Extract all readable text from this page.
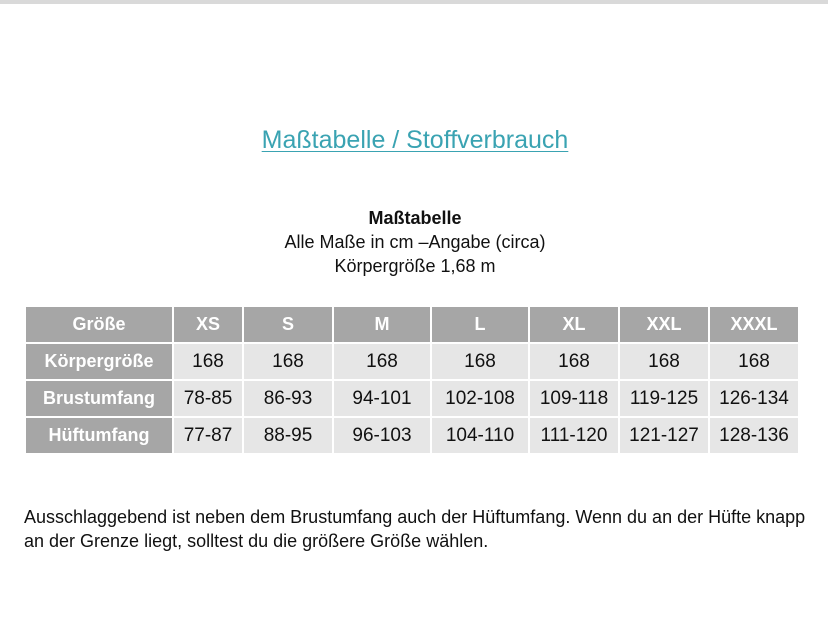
Maßtabelle / Stoffverbrauch
Maßtabelle
Alle Maße in cm –Angabe (circa)
Körpergröße 1,68 m
Größe	XS	S	M	L	XL	XXL	XXXL
Körpergröße	168	168	168	168	168	168	168
Brustumfang	78-85	86-93	94-101	102-108	109-118	119-125	126-134
Hüftumfang	77-87	88-95	96-103	104-110	111-120	121-127	128-136

Ausschlaggebend ist neben dem Brustumfang auch der Hüftumfang. Wenn du an der Hüfte knapp an der Grenze liegt, solltest du die größere Größe wählen.
